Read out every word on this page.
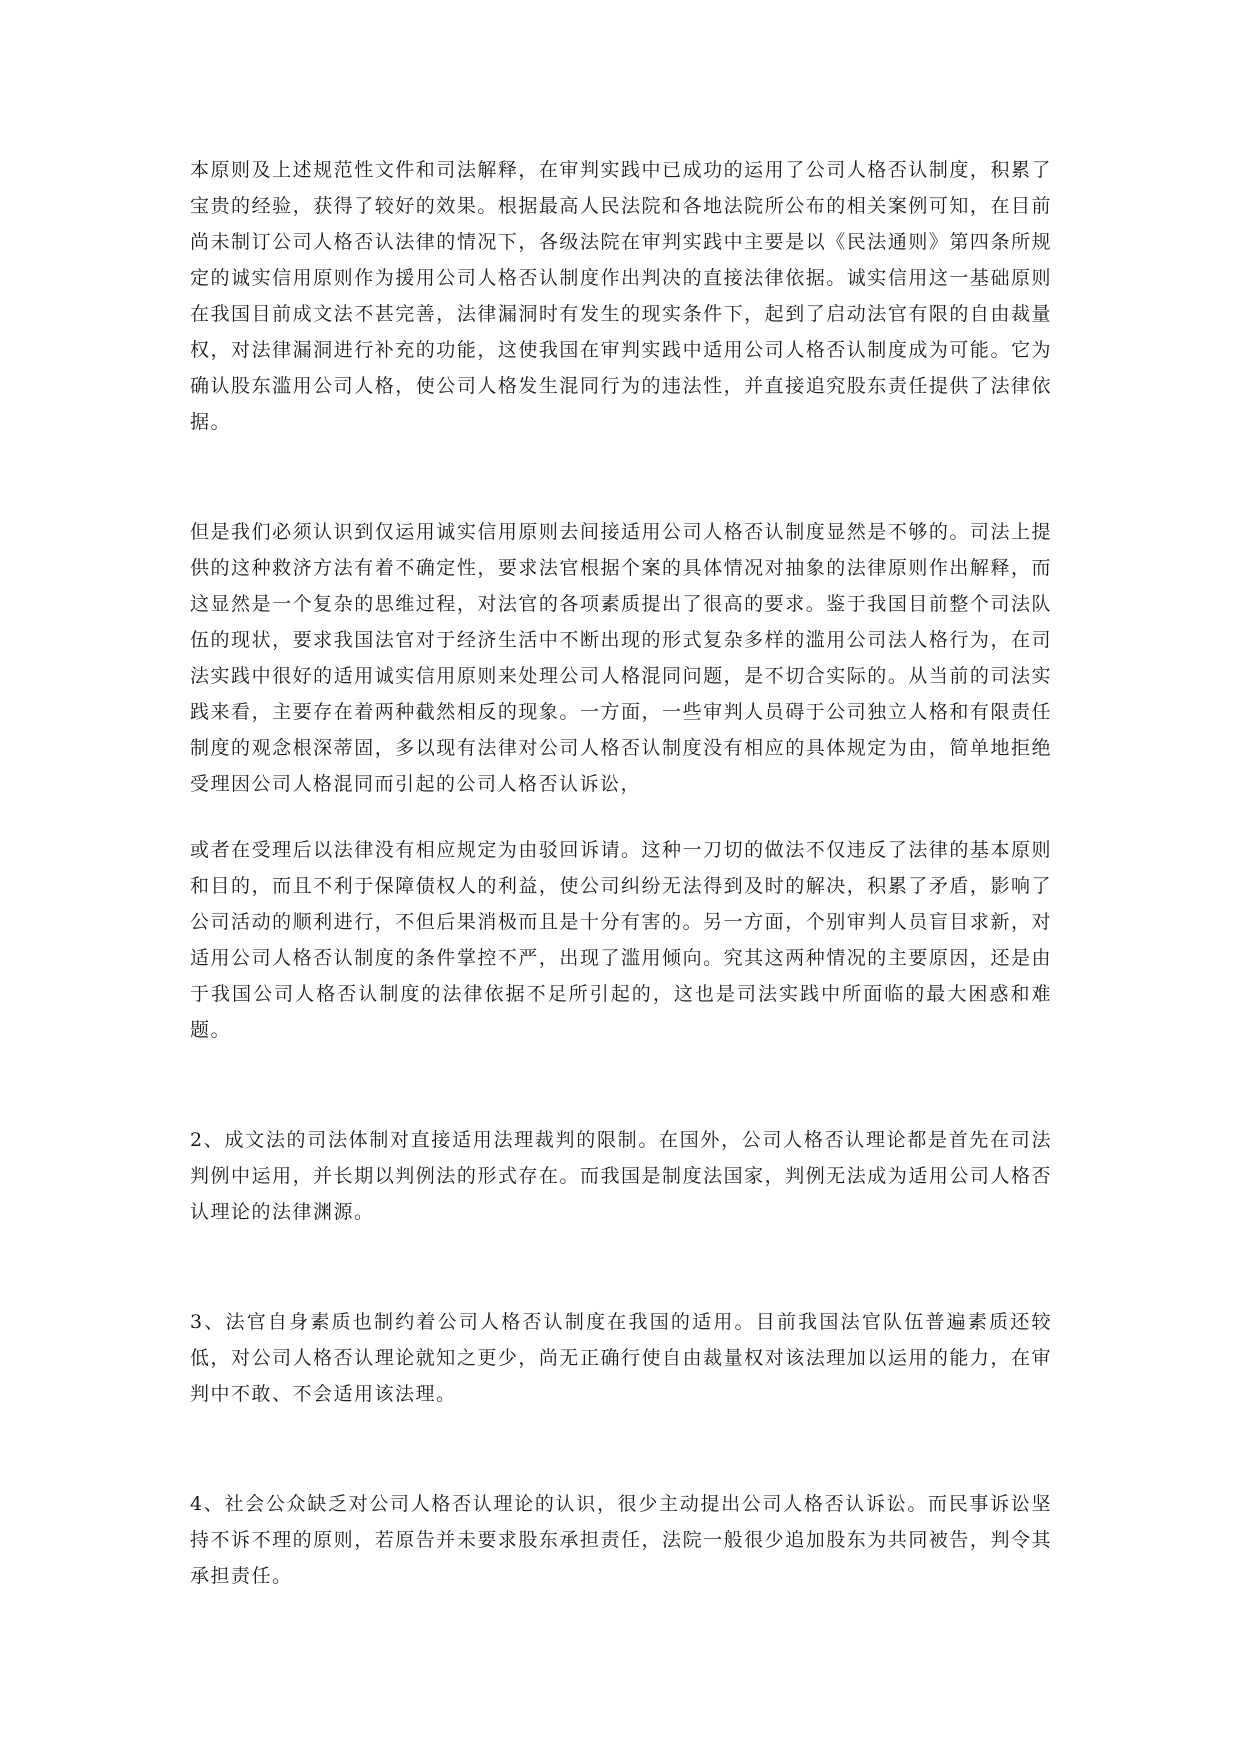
本原则及上述规范性文件和司法解释，在审判实践中已成功的运用了公司人格否认制度，积累了宝贵的经验，获得了较好的效果。根据最高人民法院和各地法院所公布的相关案例可知，在目前尚未制订公司人格否认法律的情况下，各级法院在审判实践中主要是以《民法通则》第四条所规定的诚实信用原则作为援用公司人格否认制度作出判决的直接法律依据。诚实信用这一基础原则在我国目前成文法不甚完善，法律漏洞时有发生的现实条件下，起到了启动法官有限的自由裁量权，对法律漏洞进行补充的功能，这使我国在审判实践中适用公司人格否认制度成为可能。它为确认股东滥用公司人格，使公司人格发生混同行为的违法性，并直接追究股东责任提供了法律依据。

但是我们必须认识到仅运用诚实信用原则去间接适用公司人格否认制度显然是不够的。司法上提供的这种救济方法有着不确定性，要求法官根据个案的具体情况对抽象的法律原则作出解释，而这显然是一个复杂的思维过程，对法官的各项素质提出了很高的要求。鉴于我国目前整个司法队伍的现状，要求我国法官对于经济生活中不断出现的形式复杂多样的滥用公司法人格行为，在司法实践中很好的适用诚实信用原则来处理公司人格混同问题，是不切合实际的。从当前的司法实践来看，主要存在着两种截然相反的现象。一方面，一些审判人员碍于公司独立人格和有限责任制度的观念根深蒂固，多以现有法律对公司人格否认制度没有相应的具体规定为由，简单地拒绝受理因公司人格混同而引起的公司人格否认诉讼，

或者在受理后以法律没有相应规定为由驳回诉请。这种一刀切的做法不仅违反了法律的基本原则和目的，而且不利于保障债权人的利益，使公司纠纷无法得到及时的解决，积累了矛盾，影响了公司活动的顺利进行，不但后果消极而且是十分有害的。另一方面，个别审判人员盲目求新，对适用公司人格否认制度的条件掌控不严，出现了滥用倾向。究其这两种情况的主要原因，还是由于我国公司人格否认制度的法律依据不足所引起的，这也是司法实践中所面临的最大困惑和难题。

2、成文法的司法体制对直接适用法理裁判的限制。在国外，公司人格否认理论都是首先在司法判例中运用，并长期以判例法的形式存在。而我国是制度法国家，判例无法成为适用公司人格否认理论的法律渊源。

3、法官自身素质也制约着公司人格否认制度在我国的适用。目前我国法官队伍普遍素质还较低，对公司人格否认理论就知之更少，尚无正确行使自由裁量权对该法理加以运用的能力，在审判中不敢、不会适用该法理。

4、社会公众缺乏对公司人格否认理论的认识，很少主动提出公司人格否认诉讼。而民事诉讼坚持不诉不理的原则，若原告并未要求股东承担责任，法院一般很少追加股东为共同被告，判令其承担责任。
